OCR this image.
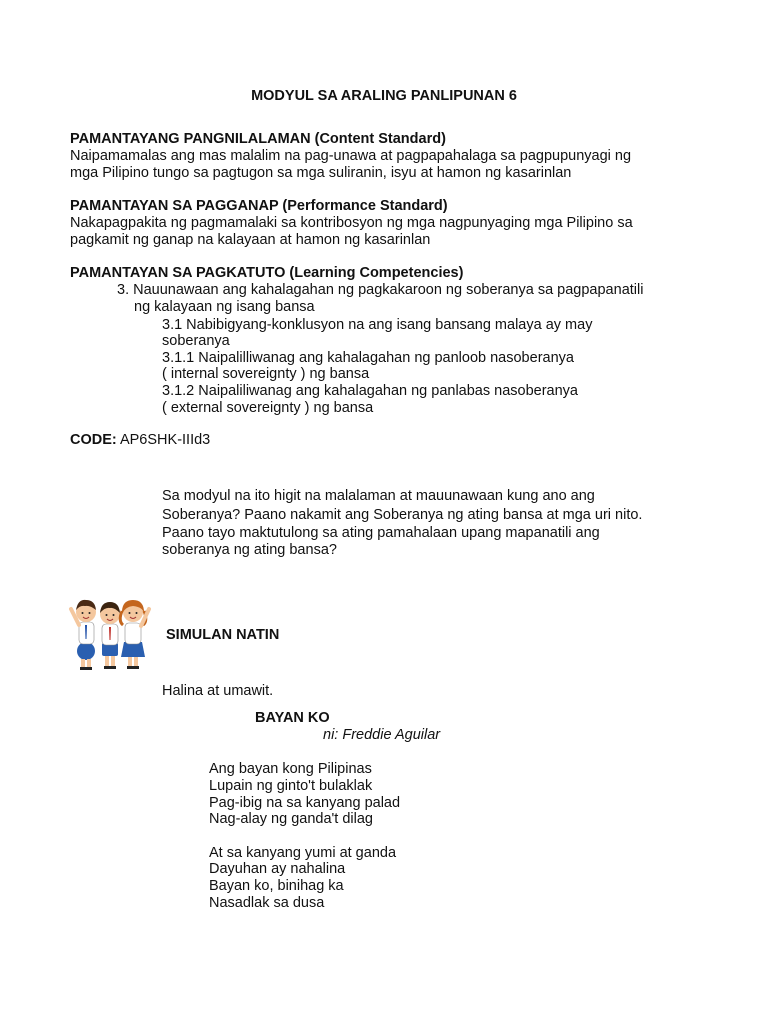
MODYUL SA ARALING PANLIPUNAN 6
PAMANTAYANG PANGNILALAMAN (Content Standard)
Naipamamalas ang mas malalim na pag-unawa at pagpapahalaga sa pagpupunyagi ng
mga Pilipino tungo sa pagtugon sa mga suliranin, isyu at hamon ng kasarinlan
PAMANTAYAN SA PAGGANAP (Performance Standard)
Nakapagpakita ng pagmamalaki sa kontribosyon ng mga nagpunyaging mga Pilipino sa
pagkamit ng ganap na kalayaan at hamon ng kasarinlan
PAMANTAYAN SA PAGKATUTO (Learning Competencies)
3. Nauunawaan ang kahalagahan ng pagkakaroon ng soberanya sa pagpapanatili
ng kalayaan ng isang bansa
3.1 Nabibigyang-konklusyon na ang isang bansang malaya ay may
soberanya
3.1.1 Naipalilliwanag ang kahalagahan ng panloob nasoberanya
( internal sovereignty ) ng bansa
3.1.2 Naipaliliwanag ang kahalagahan ng panlabas nasoberanya
( external sovereignty ) ng bansa
CODE: AP6SHK-IIId3
Sa modyul na ito higit na malalaman at mauunawaan kung ano ang
Soberanya? Paano nakamit ang Soberanya ng ating bansa at mga uri nito.
Paano tayo maktutulong sa ating pamahalaan upang mapanatili ang
soberanya ng ating bansa?
SIMULAN NATIN
Halina at umawit.
BAYAN KO
ni: Freddie Aguilar
Ang bayan kong Pilipinas
Lupain ng ginto't bulaklak
Pag-ibig na sa kanyang palad
Nag-alay ng ganda't dilag
At sa kanyang yumi at ganda
Dayuhan ay nahalina
Bayan ko, binihag ka
Nasadlak sa dusa
